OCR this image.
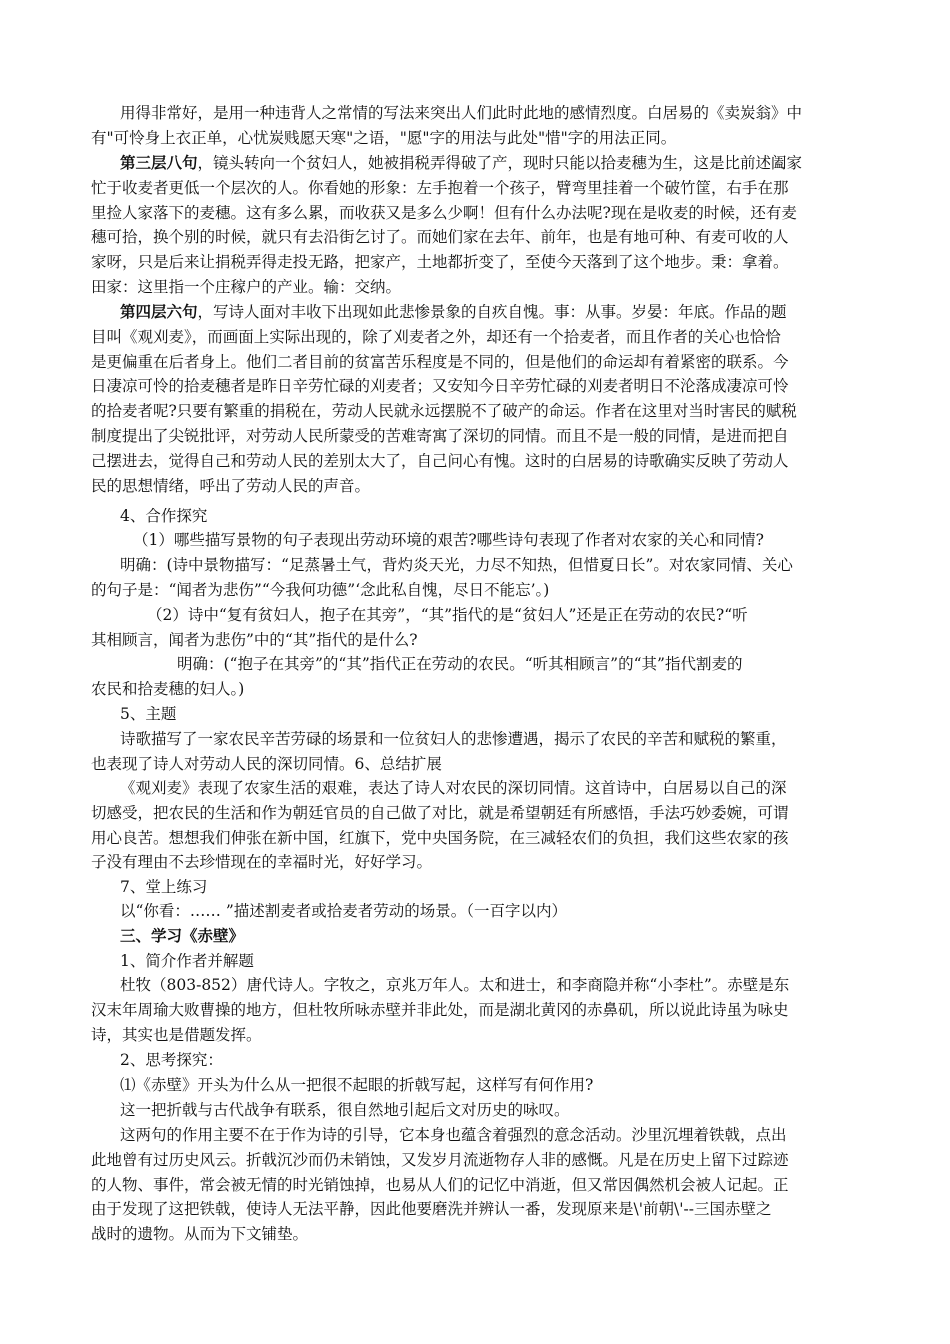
用得非常好，是用一种违背人之常情的写法来突出人们此时此地的感情烈度。白居易的《卖炭翁》中
有"可怜身上衣正单，心忧炭贱愿天寒"之语，"愿"字的用法与此处"惜"字的用法正同。
第三层八句，镜头转向一个贫妇人，她被捐税弄得破了产，现时只能以拾麦穗为生，这是比前述阖家
忙于收麦者更低一个层次的人。你看她的形象：左手抱着一个孩子，臂弯里挂着一个破竹筐，右手在那
里捡人家落下的麦穗。这有多么累，而收获又是多么少啊！但有什么办法呢?现在是收麦的时候，还有麦
穗可拾，换个别的时候，就只有去沿街乞讨了。而她们家在去年、前年，也是有地可种、有麦可收的人
家呀，只是后来让捐税弄得走投无路，把家产，土地都折变了，至使今天落到了这个地步。秉：拿着。
田家：这里指一个庄稼户的产业。输：交纳。
第四层六句，写诗人面对丰收下出现如此悲惨景象的自疚自愧。事：从事。岁晏：年底。作品的题
目叫《观刈麦》，而画面上实际出现的，除了刈麦者之外，却还有一个拾麦者，而且作者的关心也恰恰
是更偏重在后者身上。他们二者目前的贫富苦乐程度是不同的，但是他们的命运却有着紧密的联系。今
日凄凉可怜的拾麦穗者是昨日辛劳忙碌的刈麦者；又安知今日辛劳忙碌的刈麦者明日不沦落成凄凉可怜
的拾麦者呢?只要有繁重的捐税在，劳动人民就永远摆脱不了破产的命运。作者在这里对当时害民的赋税
制度提出了尖锐批评，对劳动人民所蒙受的苦难寄寓了深切的同情。而且不是一般的同情，是进而把自
己摆进去，觉得自己和劳动人民的差别太大了，自己问心有愧。这时的白居易的诗歌确实反映了劳动人
民的思想情绪，呼出了劳动人民的声音。
4、合作探究
（1）哪些描写景物的句子表现出劳动环境的艰苦?哪些诗句表现了作者对农家的关心和同情?
明确：(诗中景物描写：“足蒸暑土气，背灼炎天光，力尽不知热，但惜夏日长”。对农家同情、关心
的句子是：“闻者为悲伤”“今我何功德”‘念此私自愧，尽日不能忘’。)
（2）诗中“复有贫妇人，抱子在其旁”，“其”指代的是“贫妇人”还是正在劳动的农民?“听
其相顾言，闻者为悲伤”中的“其”指代的是什么?
明确：(“抱子在其旁”的“其”指代正在劳动的农民。“听其相顾言”的“其”指代割麦的
农民和拾麦穗的妇人。)
5、主题
诗歌描写了一家农民辛苦劳碌的场景和一位贫妇人的悲惨遭遇，揭示了农民的辛苦和赋税的繁重，
也表现了诗人对劳动人民的深切同情。6、总结扩展
《观刈麦》表现了农家生活的艰难，表达了诗人对农民的深切同情。这首诗中，白居易以自己的深
切感受，把农民的生活和作为朝廷官员的自己做了对比，就是希望朝廷有所感悟，手法巧妙委婉，可谓
用心良苦。想想我们伸张在新中国，红旗下，党中央国务院，在三减轻农们的负担，我们这些农家的孩
子没有理由不去珍惜现在的幸福时光，好好学习。
7、堂上练习
以“你看：…… ”描述割麦者或拾麦者劳动的场景。（一百字以内）
三、学习《赤壁》
1、简介作者并解题
杜牧（803-852）唐代诗人。字牧之，京兆万年人。太和进士，和李商隐并称“小李杜”。赤壁是东
汉末年周瑜大败曹操的地方，但杜牧所咏赤壁并非此处，而是湖北黄冈的赤鼻矶，所以说此诗虽为咏史
诗，其实也是借题发挥。
2、思考探究：
⑴《赤壁》开头为什么从一把很不起眼的折戟写起，这样写有何作用?
这一把折戟与古代战争有联系，很自然地引起后文对历史的咏叹。
这两句的作用主要不在于作为诗的引导，它本身也蕴含着强烈的意念活动。沙里沉埋着铁戟，点出
此地曾有过历史风云。折戟沉沙而仍未销蚀，又发岁月流逝物存人非的感慨。凡是在历史上留下过踪迹
的人物、事件，常会被无情的时光销蚀掉，也易从人们的记忆中消逝，但又常因偶然机会被人记起。正
由于发现了这把铁戟，使诗人无法平静，因此他要磨洗并辨认一番，发现原来是\'前朝\'--三国赤壁之
战时的遗物。从而为下文铺垫。
